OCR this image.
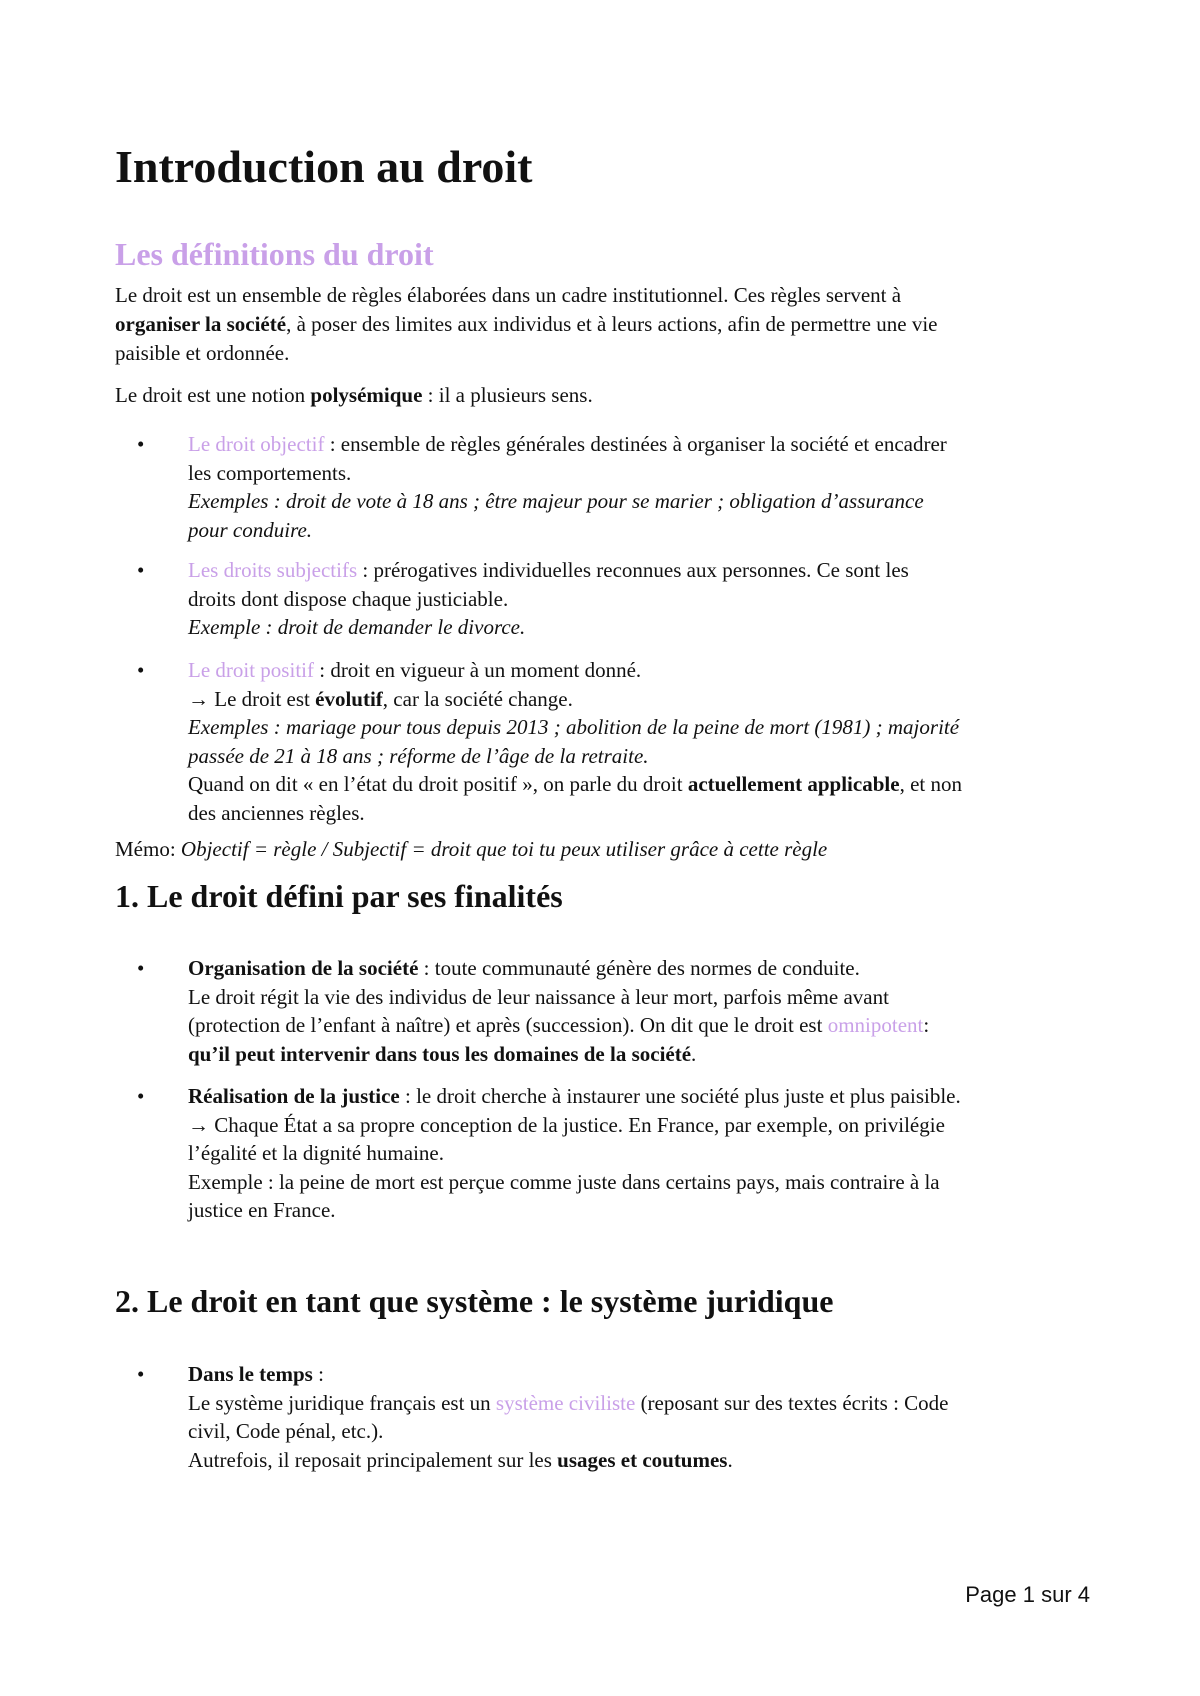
Introduction au droit
Les définitions du droit

Le droit est un ensemble de règles élaborées dans un cadre institutionnel. Ces règles servent à
organiser la société, à poser des limites aux individus et à leurs actions, afin de permettre une vie
paisible et ordonnée.

Le droit est une notion polysémique : il a plusieurs sens.

• Le droit objectif : ensemble de règles générales destinées à organiser la société et encadrer
les comportements.
Exemples : droit de vote à 18 ans ; être majeur pour se marier ; obligation d’assurance
pour conduire.
• Les droits subjectifs : prérogatives individuelles reconnues aux personnes. Ce sont les
droits dont dispose chaque justiciable.
Exemple : droit de demander le divorce.
• Le droit positif : droit en vigueur à un moment donné.
→ Le droit est évolutif, car la société change.
Exemples : mariage pour tous depuis 2013 ; abolition de la peine de mort (1981) ; majorité
passée de 21 à 18 ans ; réforme de l’âge de la retraite.
Quand on dit « en l’état du droit positif », on parle du droit actuellement applicable, et non
des anciennes règles.

Mémo: Objectif = règle / Subjectif = droit que toi tu peux utiliser grâce à cette règle

1. Le droit défini par ses finalités
• Organisation de la société : toute communauté génère des normes de conduite.
Le droit régit la vie des individus de leur naissance à leur mort, parfois même avant
(protection de l’enfant à naître) et après (succession). On dit que le droit est omnipotent:
qu’il peut intervenir dans tous les domaines de la société.
• Réalisation de la justice : le droit cherche à instaurer une société plus juste et plus paisible.
→ Chaque État a sa propre conception de la justice. En France, par exemple, on privilégie
l’égalité et la dignité humaine.
Exemple : la peine de mort est perçue comme juste dans certains pays, mais contraire à la
justice en France.
2. Le droit en tant que système : le système juridique
• Dans le temps :
Le système juridique français est un système civiliste (reposant sur des textes écrits : Code
civil, Code pénal, etc.).
Autrefois, il reposait principalement sur les usages et coutumes.
Page 1 sur 4
